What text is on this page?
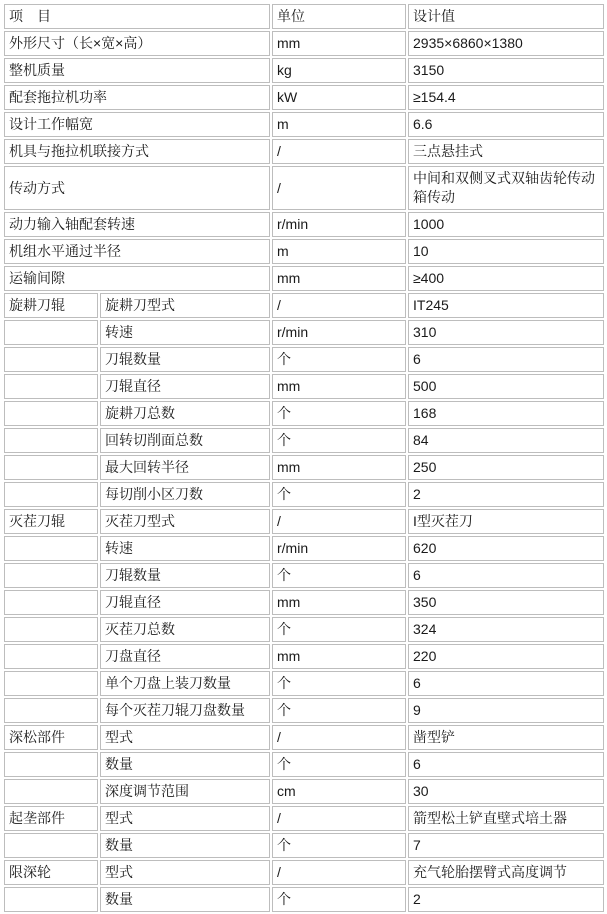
项　目		单位	设计值
外形尺寸（长×宽×高）		mm	2935×6860×1380
整机质量		kg	3150
配套拖拉机功率		kW	≥154.4
设计工作幅宽		m	6.6
机具与拖拉机联接方式		/	三点悬挂式
传动方式		/	中间和双侧叉式双轴齿轮传动箱传动
动力输入轴配套转速		r/min	1000
机组水平通过半径		m	10
运输间隙		mm	≥400
旋耕刀辊	旋耕刀型式	/	IT245
	转速	r/min	310
	刀辊数量	个	6
	刀辊直径	mm	500
	旋耕刀总数	个	168
	回转切削面总数	个	84
	最大回转半径	mm	250
	每切削小区刀数	个	2
灭茬刀辊	灭茬刀型式	/	I型灭茬刀
	转速	r/min	620
	刀辊数量	个	6
	刀辊直径	mm	350
	灭茬刀总数	个	324
	刀盘直径	mm	220
	单个刀盘上装刀数量	个	6
	每个灭茬刀辊刀盘数量	个	9
深松部件	型式	/	凿型铲
	数量	个	6
	深度调节范围	cm	30
起垄部件	型式	/	箭型松土铲直壁式培土器
	数量	个	7
限深轮	型式	/	充气轮胎摆臂式高度调节
	数量	个	2
